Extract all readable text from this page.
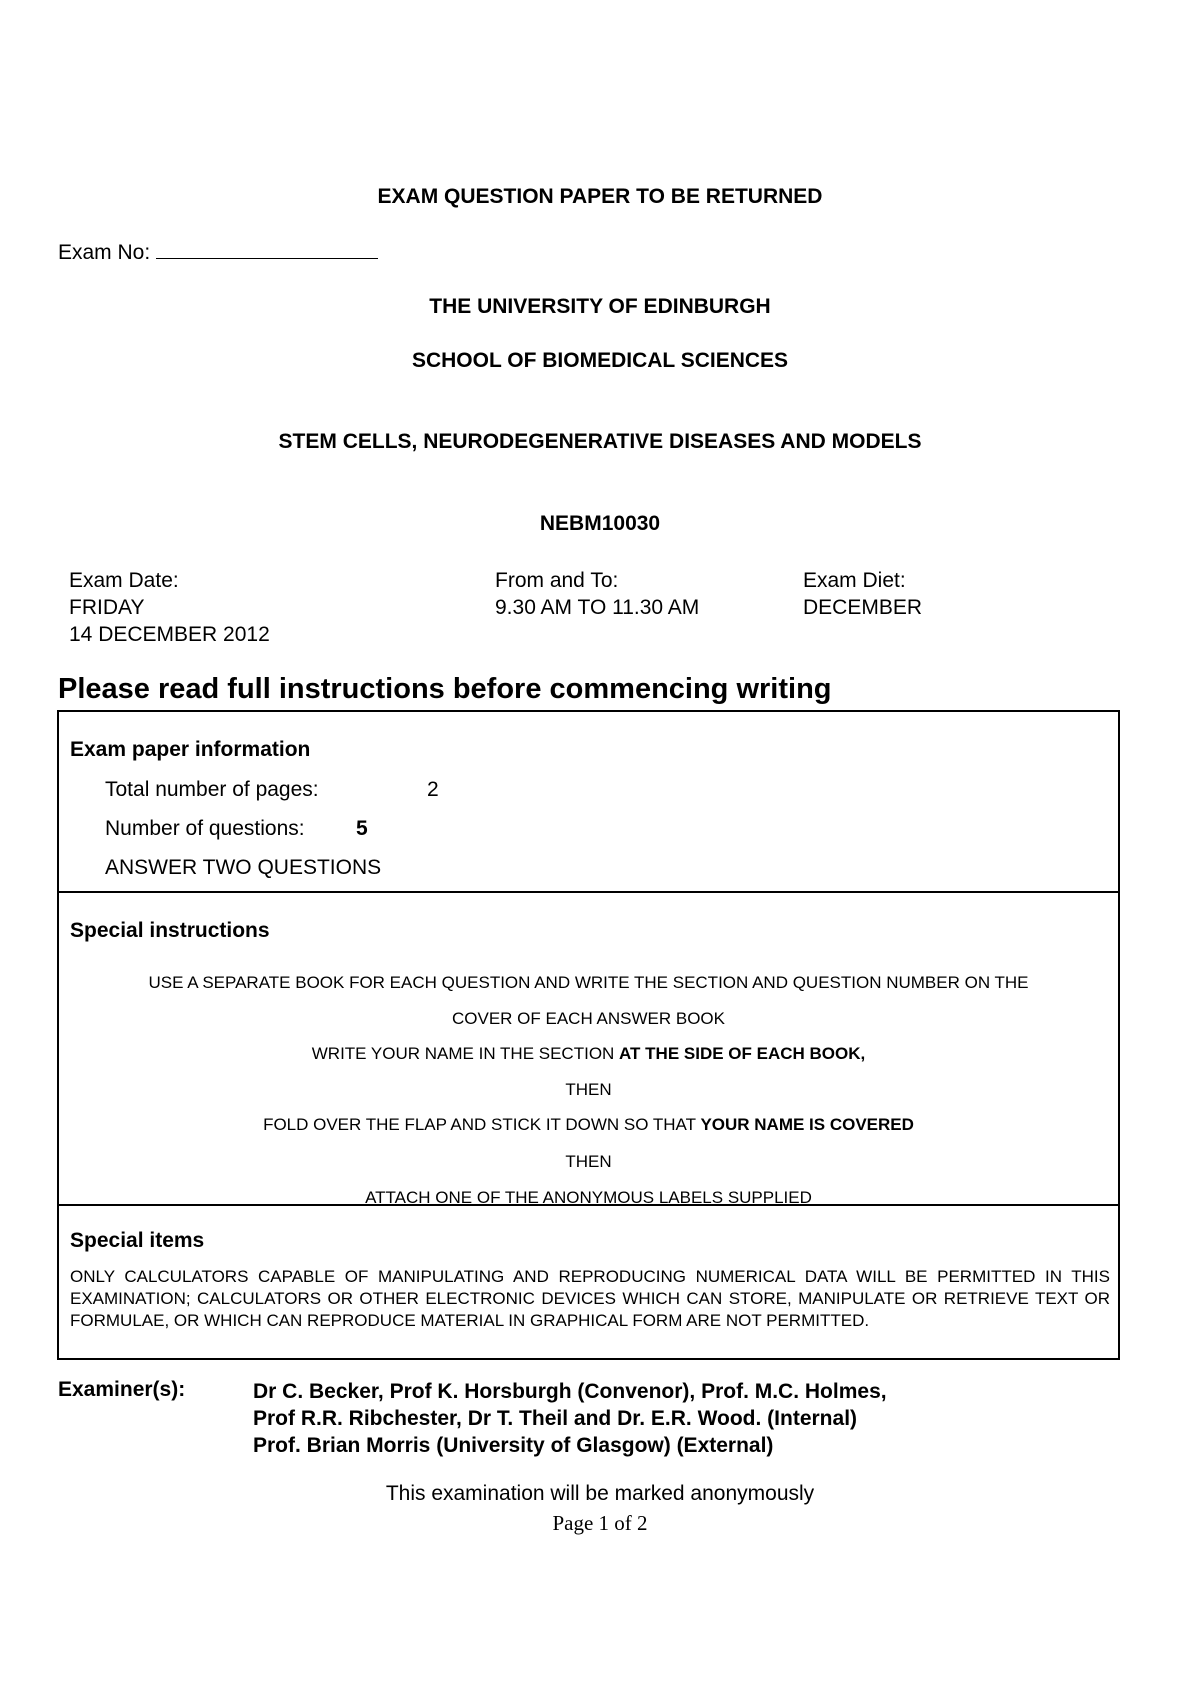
EXAM QUESTION PAPER TO BE RETURNED
Exam No:
THE UNIVERSITY OF EDINBURGH
SCHOOL OF BIOMEDICAL SCIENCES
STEM CELLS, NEURODEGENERATIVE DISEASES AND MODELS
NEBM10030
Exam Date:
FRIDAY
14 DECEMBER 2012
From and To:
9.30 AM TO 11.30 AM
Exam Diet:
DECEMBER
Please read full instructions before commencing writing
Exam paper information
Total number of pages:	2
Number of questions: 5
ANSWER TWO QUESTIONS
Special instructions
USE A SEPARATE BOOK FOR EACH QUESTION AND WRITE THE SECTION AND QUESTION NUMBER ON THE
COVER OF EACH ANSWER BOOK
WRITE YOUR NAME IN THE SECTION AT THE SIDE OF EACH BOOK,
THEN
FOLD OVER THE FLAP AND STICK IT DOWN SO THAT YOUR NAME IS COVERED
THEN
ATTACH ONE OF THE ANONYMOUS LABELS SUPPLIED
Special items
ONLY CALCULATORS CAPABLE OF MANIPULATING AND REPRODUCING NUMERICAL DATA WILL BE PERMITTED IN THIS EXAMINATION; CALCULATORS OR OTHER ELECTRONIC DEVICES WHICH CAN STORE, MANIPULATE OR RETRIEVE TEXT OR FORMULAE, OR WHICH CAN REPRODUCE MATERIAL IN GRAPHICAL FORM ARE NOT PERMITTED.
Examiner(s):	Dr C. Becker, Prof K. Horsburgh (Convenor), Prof. M.C. Holmes,
Prof R.R. Ribchester, Dr T. Theil and Dr. E.R. Wood. (Internal)
Prof. Brian Morris (University of Glasgow) (External)
This examination will be marked anonymously
Page 1 of 2
